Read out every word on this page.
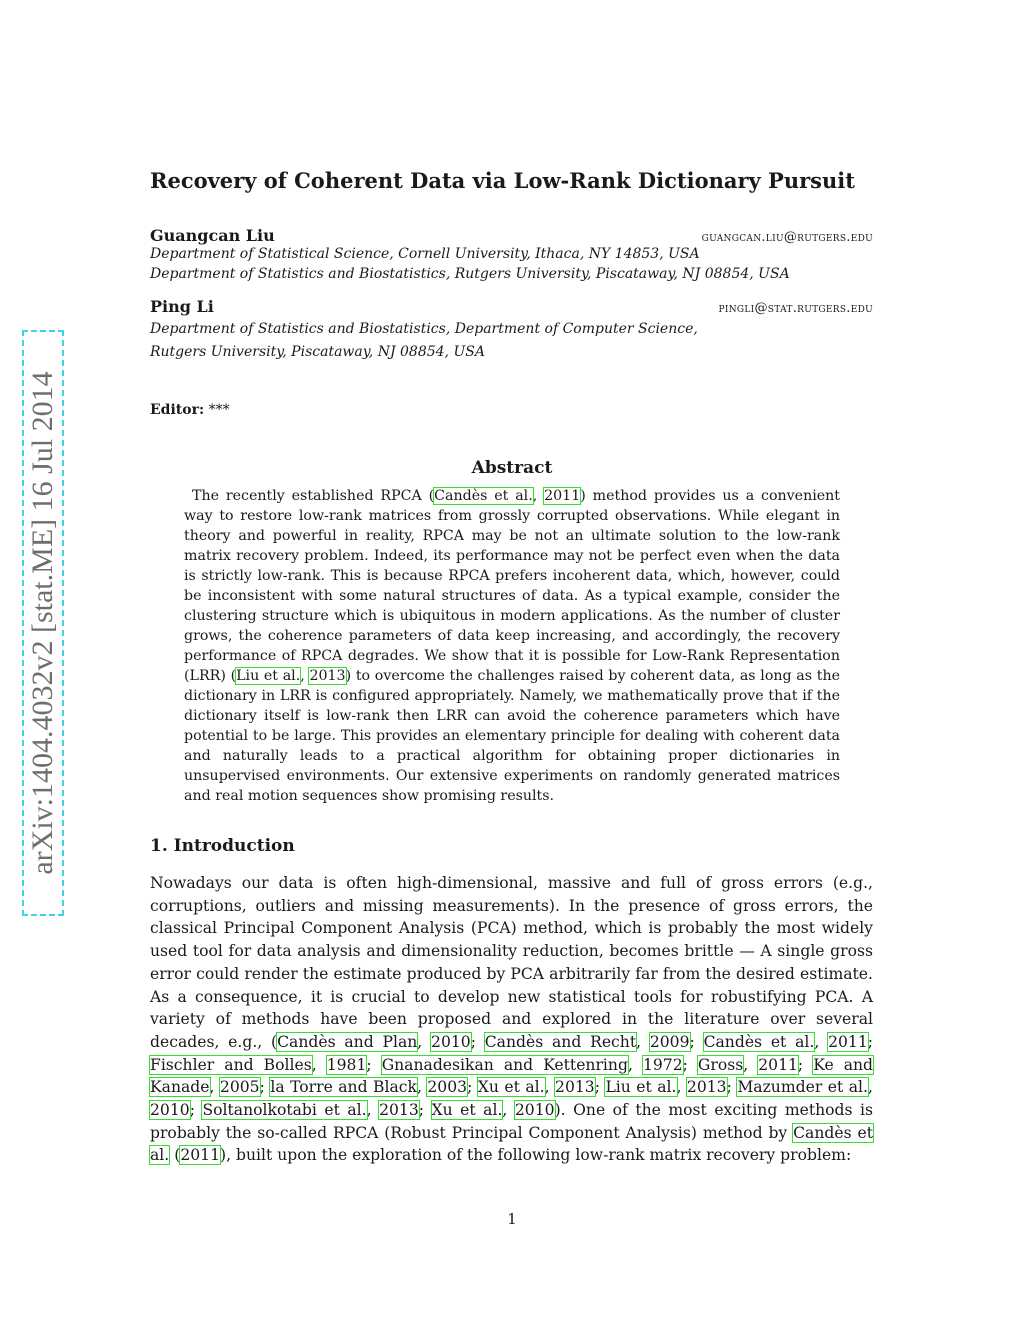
arXiv:1404.4032v2 [stat.ME] 16 Jul 2014
Recovery of Coherent Data via Low-Rank Dictionary Pursuit
Guangcan Liu	guangcan.liu@rutgers.edu
Department of Statistical Science, Cornell University, Ithaca, NY 14853, USA
Department of Statistics and Biostatistics, Rutgers University, Piscataway, NJ 08854, USA
Ping Li	pingli@stat.rutgers.edu
Department of Statistics and Biostatistics, Department of Computer Science,
Rutgers University, Piscataway, NJ 08854, USA
Editor: ***
Abstract

The recently established RPCA (Candès et al., 2011) method provides us a convenient way to restore low-rank matrices from grossly corrupted observations. While elegant in theory and powerful in reality, RPCA may be not an ultimate solution to the low-rank matrix recovery problem. Indeed, its performance may not be perfect even when the data is strictly low-rank. This is because RPCA prefers incoherent data, which, however, could be inconsistent with some natural structures of data. As a typical example, consider the clustering structure which is ubiquitous in modern applications. As the number of cluster grows, the coherence parameters of data keep increasing, and accordingly, the recovery performance of RPCA degrades. We show that it is possible for Low-Rank Representation (LRR) (Liu et al., 2013) to overcome the challenges raised by coherent data, as long as the dictionary in LRR is configured appropriately. Namely, we mathematically prove that if the dictionary itself is low-rank then LRR can avoid the coherence parameters which have potential to be large. This provides an elementary principle for dealing with coherent data and naturally leads to a practical algorithm for obtaining proper dictionaries in unsupervised environments. Our extensive experiments on randomly generated matrices and real motion sequences show promising results.

1. Introduction

Nowadays our data is often high-dimensional, massive and full of gross errors (e.g., corruptions, outliers and missing measurements). In the presence of gross errors, the classical Principal Component Analysis (PCA) method, which is probably the most widely used tool for data analysis and dimensionality reduction, becomes brittle — A single gross error could render the estimate produced by PCA arbitrarily far from the desired estimate. As a consequence, it is crucial to develop new statistical tools for robustifying PCA. A variety of methods have been proposed and explored in the literature over several decades, e.g., (Candès and Plan, 2010; Candès and Recht, 2009; Candès et al., 2011; Fischler and Bolles, 1981; Gnanadesikan and Kettenring, 1972; Gross, 2011; Ke and Kanade, 2005; la Torre and Black, 2003; Xu et al., 2013; Liu et al., 2013; Mazumder et al., 2010; Soltanolkotabi et al., 2013; Xu et al., 2010). One of the most exciting methods is probably the so-called RPCA (Robust Principal Component Analysis) method by Candès et al. (2011), built upon the exploration of the following low-rank matrix recovery problem:

1
